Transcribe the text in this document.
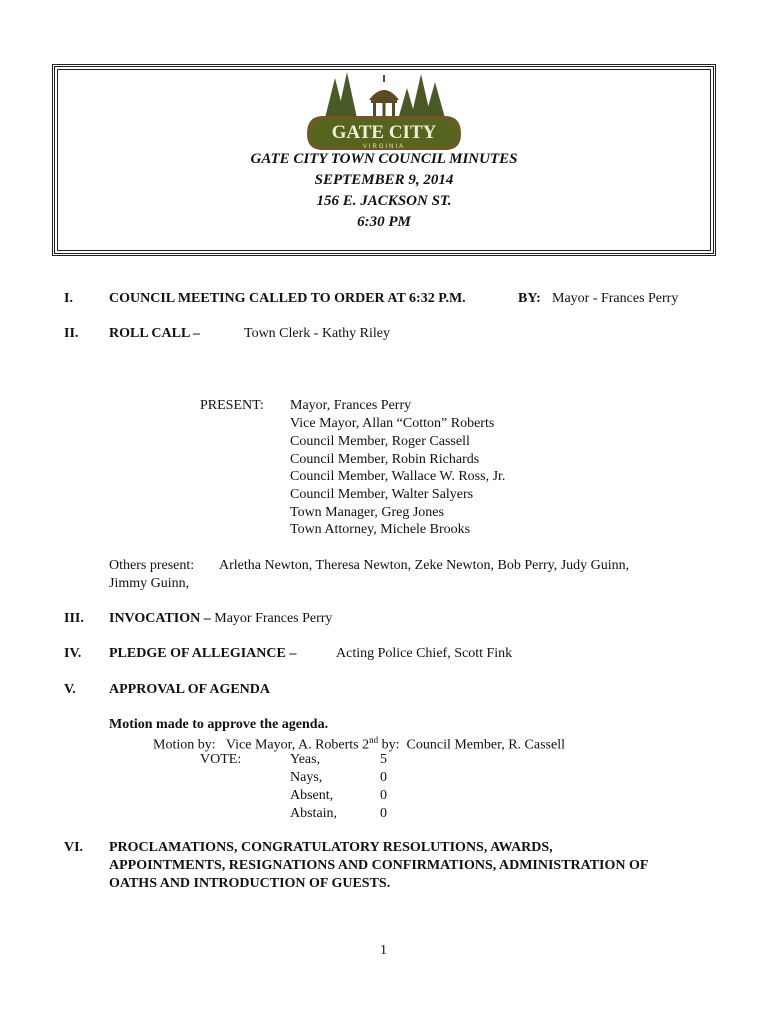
GATE CITY
VIRGINIA
GATE CITY TOWN COUNCIL MINUTES
SEPTEMBER 9, 2014
156 E. JACKSON ST.
6:30 PM
I.	COUNCIL MEETING CALLED TO ORDER AT 6:32 P.M.	BY: Mayor - Frances Perry
II. ROLL CALL –	Town Clerk - Kathy Riley
PRESENT: Mayor, Frances Perry
Vice Mayor, Allan “Cotton” Roberts
Council Member, Roger Cassell
Council Member, Robin Richards
Council Member, Wallace W. Ross, Jr.
Council Member, Walter Salyers
Town Manager, Greg Jones
Town Attorney, Michele Brooks
Others present: Arletha Newton, Theresa Newton, Zeke Newton, Bob Perry, Judy Guinn,
Jimmy Guinn,
III. INVOCATION – Mayor Frances Perry
IV. PLEDGE OF ALLEGIANCE –	Acting Police Chief, Scott Fink
V. APPROVAL OF AGENDA
Motion made to approve the agenda.
Motion by: Vice Mayor, A. Roberts 2nd by: Council Member, R. Cassell
VOTE:	Yeas,	5
Nays,	0
Absent,	0
Abstain,	0
VI. PROCLAMATIONS, CONGRATULATORY RESOLUTIONS, AWARDS,
APPOINTMENTS, RESIGNATIONS AND CONFIRMATIONS, ADMINISTRATION OF
OATHS AND INTRODUCTION OF GUESTS.
1
